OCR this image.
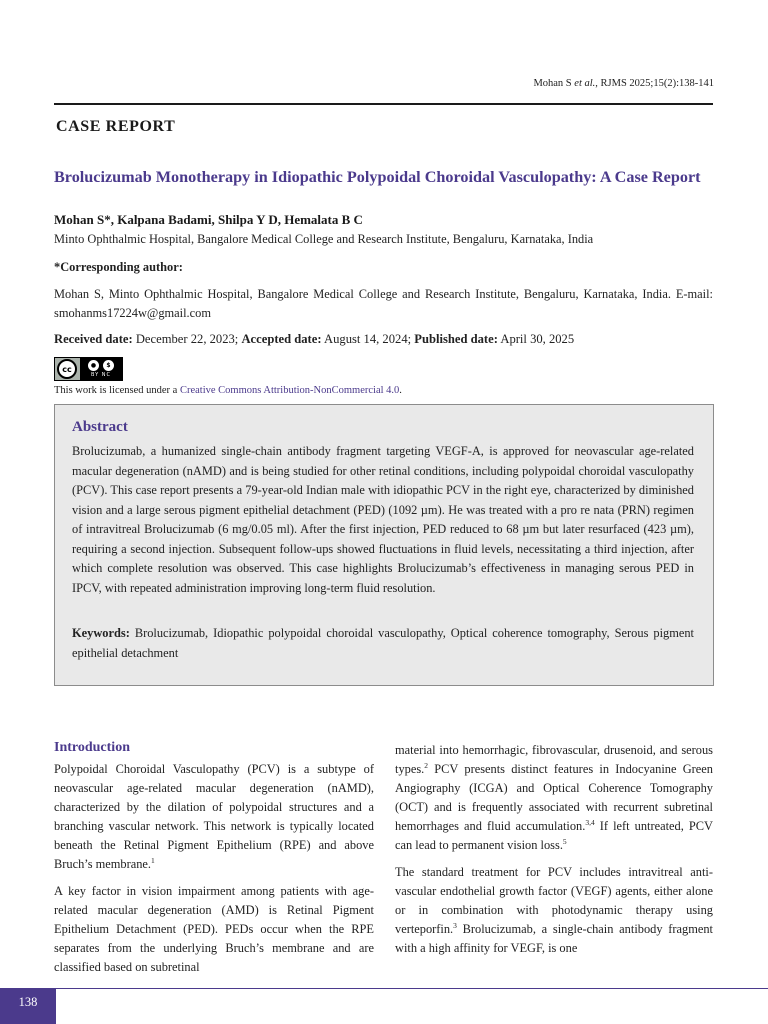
Mohan S et al., RJMS 2025;15(2):138-141
CASE REPORT
Brolucizumab Monotherapy in Idiopathic Polypoidal Choroidal Vasculopathy: A Case Report
Mohan S*, Kalpana Badami, Shilpa Y D, Hemalata B C
Minto Ophthalmic Hospital, Bangalore Medical College and Research Institute, Bengaluru, Karnataka, India
*Corresponding author:
Mohan S, Minto Ophthalmic Hospital, Bangalore Medical College and Research Institute, Bengaluru, Karnataka, India. E-mail: smohanms17224w@gmail.com
Received date: December 22, 2023; Accepted date: August 14, 2024; Published date: April 30, 2025
cc	●	$
BY NC
This work is licensed under a Creative Commons Attribution-NonCommercial 4.0.
Abstract
Brolucizumab, a humanized single-chain antibody fragment targeting VEGF-A, is approved for neovascular age-related macular degeneration (nAMD) and is being studied for other retinal conditions, including polypoidal choroidal vasculopathy (PCV). This case report presents a 79-year-old Indian male with idiopathic PCV in the right eye, characterized by diminished vision and a large serous pigment epithelial detachment (PED) (1092 µm). He was treated with a pro re nata (PRN) regimen of intravitreal Brolucizumab (6 mg/0.05 ml). After the first injection, PED reduced to 68 µm but later resurfaced (423 µm), requiring a second injection. Subsequent follow-ups showed fluctuations in fluid levels, necessitating a third injection, after which complete resolution was observed. This case highlights Brolucizumab’s effectiveness in managing serous PED in IPCV, with repeated administration improving long-term fluid resolution.
Keywords: Brolucizumab, Idiopathic polypoidal choroidal vasculopathy, Optical coherence tomography, Serous pigment epithelial detachment
Introduction

Polypoidal Choroidal Vasculopathy (PCV) is a subtype of neovascular age-related macular degeneration (nAMD), characterized by the dilation of polypoidal structures and a branching vascular network. This network is typically located beneath the Retinal Pigment Epithelium (RPE) and above Bruch’s membrane.$^1$

A key factor in vision impairment among patients with age-related macular degeneration (AMD) is Retinal Pigment Epithelium Detachment (PED). PEDs occur when the RPE separates from the underlying Bruch’s membrane and are classified based on subretinal

material into hemorrhagic, fibrovascular, drusenoid, and serous types.$^2$ PCV presents distinct features in Indocyanine Green Angiography (ICGA) and Optical Coherence Tomography (OCT) and is frequently associated with recurrent subretinal hemorrhages and fluid accumulation.$^{3,4}$ If left untreated, PCV can lead to permanent vision loss.$^5$

The standard treatment for PCV includes intravitreal anti-vascular endothelial growth factor (VEGF) agents, either alone or in combination with photodynamic therapy using verteporfin.$^3$ Brolucizumab, a single-chain antibody fragment with a high affinity for VEGF, is one

138
